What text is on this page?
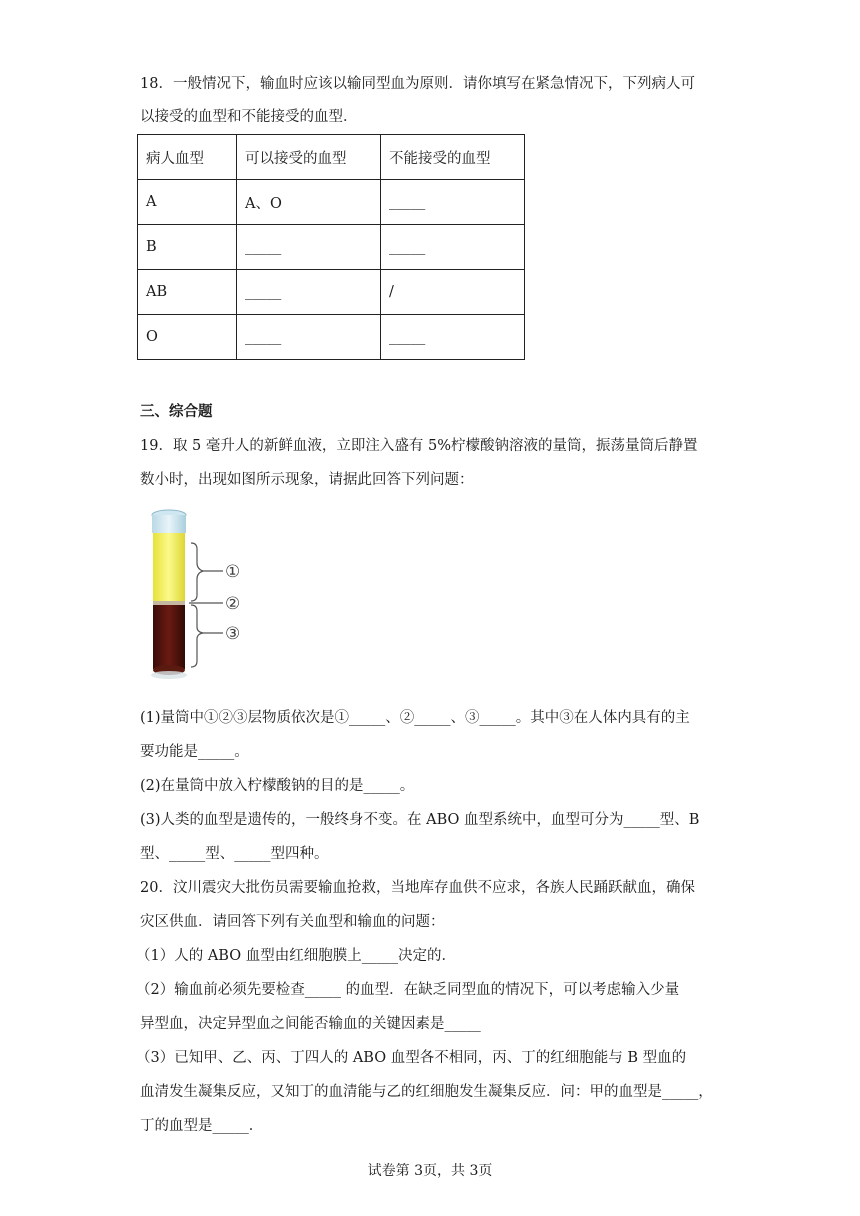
18．一般情况下，输血时应该以输同型血为原则．请你填写在紧急情况下，下列病人可
以接受的血型和不能接受的血型．
病人血型	可以接受的血型	不能接受的血型
A	A、O	_____
B	_____	_____
AB	_____	/
O	_____	_____
三、综合题
19．取 5 毫升人的新鲜血液，立即注入盛有 5%柠檬酸钠溶液的量筒，振荡量筒后静置
数小时，出现如图所示现象，请据此回答下列问题：
①
②
③
(1)量筒中①②③层物质依次是①_____、②_____、③_____。其中③在人体内具有的主
要功能是_____。
(2)在量筒中放入柠檬酸钠的目的是_____。
(3)人类的血型是遗传的，一般终身不变。在 ABO 血型系统中，血型可分为_____型、B
型、_____型、_____型四种。
20．汶川震灾大批伤员需要输血抢救，当地库存血供不应求，各族人民踊跃献血，确保
灾区供血．请回答下列有关血型和输血的问题：
（1）人的 ABO 血型由红细胞膜上_____决定的．
（2）输血前必须先要检查_____ 的血型．在缺乏同型血的情况下，可以考虑输入少量
异型血，决定异型血之间能否输血的关键因素是_____
（3）已知甲、乙、丙、丁四人的 ABO 血型各不相同，丙、丁的红细胞能与 B 型血的
血清发生凝集反应，又知丁的血清能与乙的红细胞发生凝集反应．问：甲的血型是_____，
丁的血型是_____．
试卷第 3页，共 3页
